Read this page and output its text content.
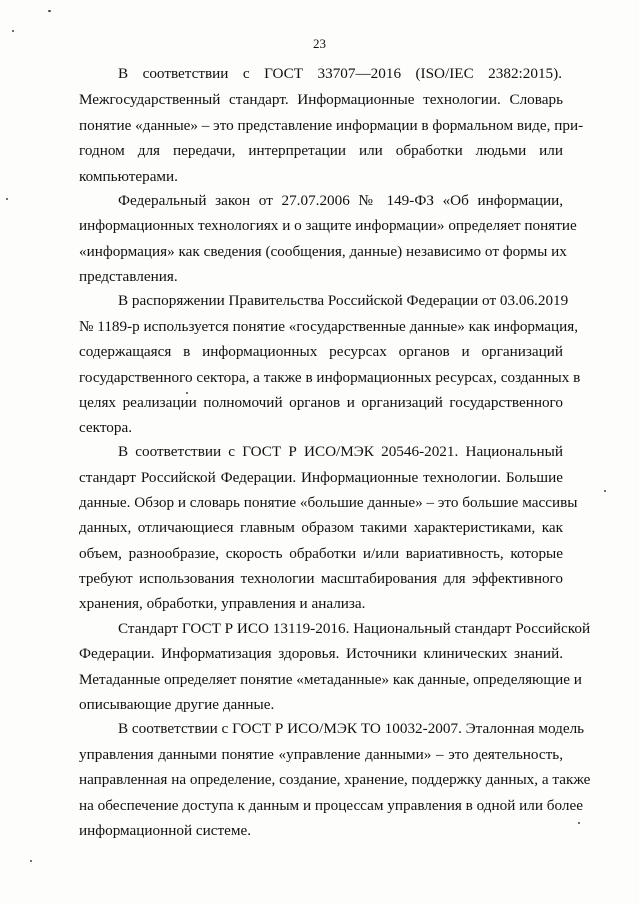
23
В соответствии с ГОСТ 33707—2016 (ISO/IEC 2382:2015).
Межгосударственный стандарт. Информационные технологии. Словарь
понятие «данные» – это представление информации в формальном виде, при-
годном для передачи, интерпретации или обработки людьми или
компьютерами.
Федеральный закон от 27.07.2006 № 149-ФЗ «Об информации,
информационных технологиях и о защите информации» определяет понятие
«информация» как сведения (сообщения, данные) независимо от формы их
представления.
В распоряжении Правительства Российской Федерации от 03.06.2019
№ 1189-р используется понятие «государственные данные» как информация,
содержащаяся в информационных ресурсах органов и организаций
государственного сектора, а также в информационных ресурсах, созданных в
целях реализации полномочий органов и организаций государственного
сектора.
В соответствии с ГОСТ Р ИСО/МЭК 20546-2021. Национальный
стандарт Российской Федерации. Информационные технологии. Большие
данные. Обзор и словарь понятие «большие данные» – это большие массивы
данных, отличающиеся главным образом такими характеристиками, как
объем, разнообразие, скорость обработки и/или вариативность, которые
требуют использования технологии масштабирования для эффективного
хранения, обработки, управления и анализа.
Стандарт ГОСТ Р ИСО 13119-2016. Национальный стандарт Российской
Федерации. Информатизация здоровья. Источники клинических знаний.
Метаданные определяет понятие «метаданные» как данные, определяющие и
описывающие другие данные.
В соответствии с ГОСТ Р ИСО/МЭК ТО 10032-2007. Эталонная модель
управления данными понятие «управление данными» – это деятельность,
направленная на определение, создание, хранение, поддержку данных, а также
на обеспечение доступа к данным и процессам управления в одной или более
информационной системе.
